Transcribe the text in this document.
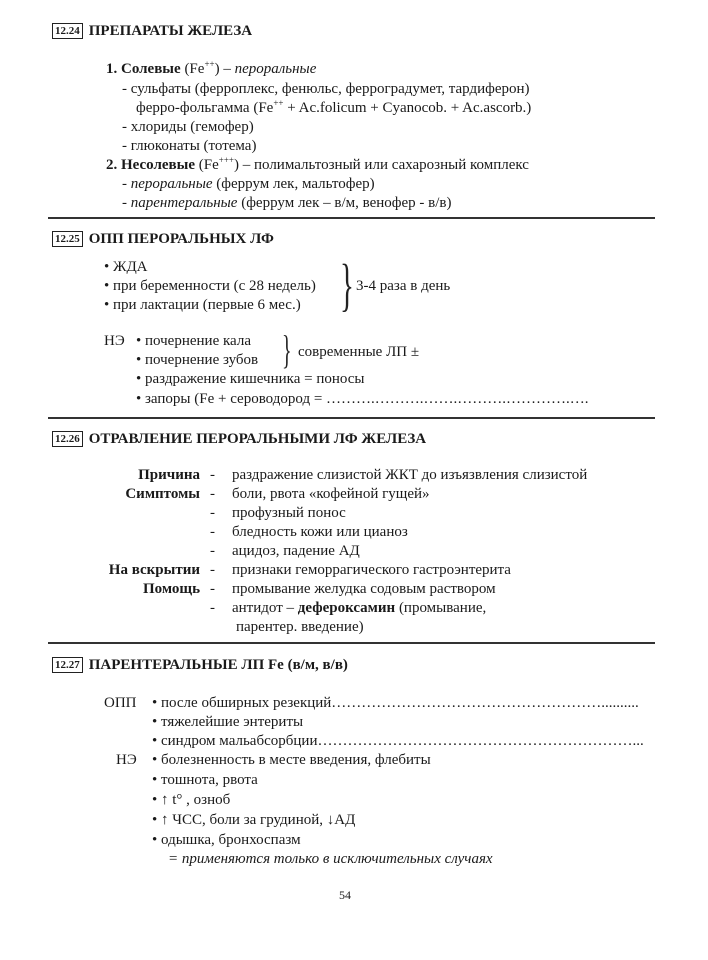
12.24 ПРЕПАРАТЫ ЖЕЛЕЗА
1. Солевые (Fe++) – пероральные
- сульфаты (ферроплекс, фенюльс, ферроградумет, тардиферон)
ферро-фольгамма (Fe++ + Ac.folicum + Cyanocob. + Ac.ascorb.)
- хлориды (гемофер)
- глюконаты (тотема)
2. Несолевые (Fe+++) – полимальтозный или сахарозный комплекс
- пероральные (феррум лек, мальтофер)
- парентеральные (феррум лек – в/м, венофер - в/в)
12.25 ОПП ПЕРОРАЛЬНЫХ ЛФ
• ЖДА
• при беременности (с 28 недель)
• при лактации (первые 6 мес.) } 3-4 раза в день
НЭ • почернение кала
• почернение зубов } современные ЛП ±
• раздражение кишечника = поносы
• запоры (Fe + сероводород = ……….……….…….……….………….….
12.26 ОТРАВЛЕНИЕ ПЕРОРАЛЬНЫМИ ЛФ ЖЕЛЕЗА
Причина
Симптомы
На вскрытии
Помощь
-
-
-
-
-
-
-
-
раздражение слизистой ЖКТ до изъязвления слизистой
боли, рвота «кофейной гущей»
профузный понос
бледность кожи или цианоз
ацидоз, падение АД
признаки геморрагического гастроэнтерита
промывание желудка содовым раствором
антидот – дефероксамин (промывание,
парентер. введение)
12.27 ПАРЕНТЕРАЛЬНЫЕ ЛП Fe (в/м, в/в)
ОПП • после обширных резекций………………………………………………..........
• тяжелейшие энтериты
• синдром мальабсорбции………………………………………………………...
НЭ • болезненность в месте введения, флебиты
• тошнота, рвота
• ↑ t° , озноб
• ↑ ЧСС, боли за грудиной, ↓АД
• одышка, бронхоспазм
= применяются только в исключительных случаях
54
